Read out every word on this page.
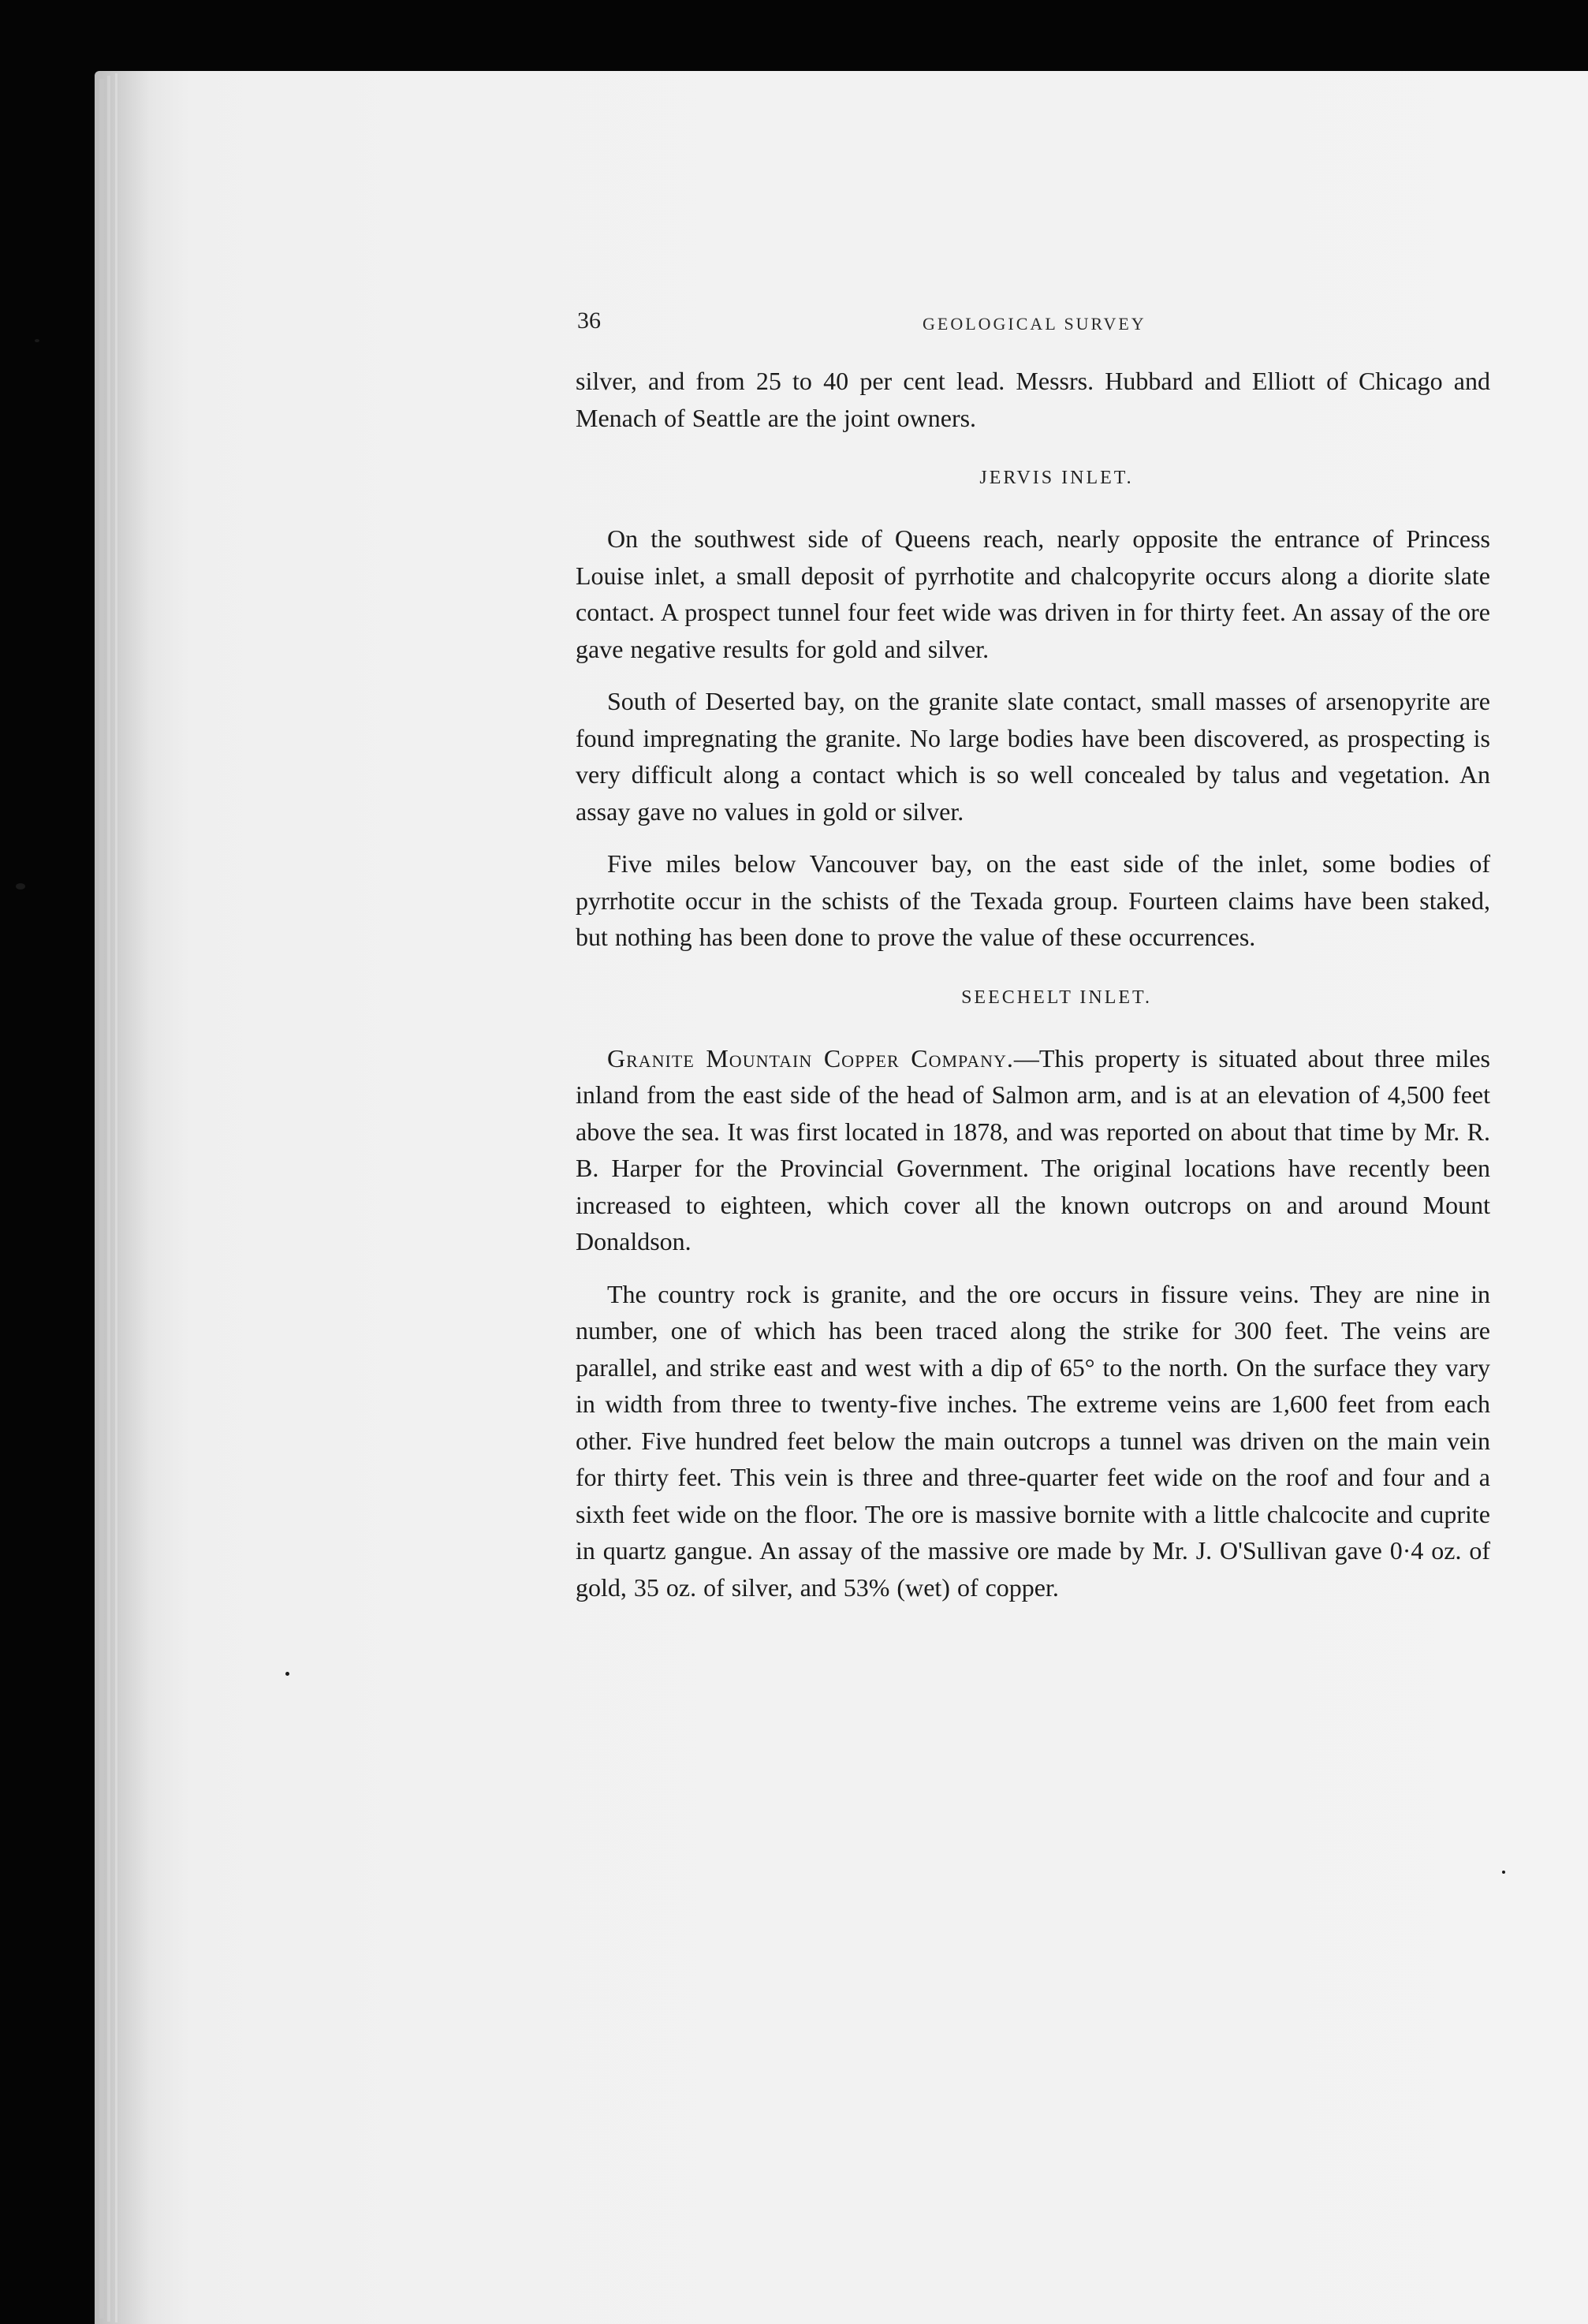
36	GEOLOGICAL SURVEY

silver, and from 25 to 40 per cent lead. Messrs. Hubbard and Elliott of Chicago and Menach of Seattle are the joint owners.

JERVIS INLET.

On the southwest side of Queens reach, nearly opposite the entrance of Princess Louise inlet, a small deposit of pyrrhotite and chalcopyrite occurs along a diorite slate contact. A prospect tunnel four feet wide was driven in for thirty feet. An assay of the ore gave negative results for gold and silver.

South of Deserted bay, on the granite slate contact, small masses of arsenopyrite are found impregnating the granite. No large bodies have been discovered, as prospecting is very difficult along a contact which is so well concealed by talus and vegetation. An assay gave no values in gold or silver.

Five miles below Vancouver bay, on the east side of the inlet, some bodies of pyrrhotite occur in the schists of the Texada group. Fourteen claims have been staked, but nothing has been done to prove the value of these occurrences.

SEECHELT INLET.

Granite Mountain Copper Company.—This property is situated about three miles inland from the east side of the head of Salmon arm, and is at an elevation of 4,500 feet above the sea. It was first located in 1878, and was reported on about that time by Mr. R. B. Harper for the Provincial Government. The original locations have recently been increased to eighteen, which cover all the known outcrops on and around Mount Donaldson.

The country rock is granite, and the ore occurs in fissure veins. They are nine in number, one of which has been traced along the strike for 300 feet. The veins are parallel, and strike east and west with a dip of 65° to the north. On the surface they vary in width from three to twenty-five inches. The extreme veins are 1,600 feet from each other. Five hundred feet below the main outcrops a tunnel was driven on the main vein for thirty feet. This vein is three and three-quarter feet wide on the roof and four and a sixth feet wide on the floor. The ore is massive bornite with a little chalcocite and cuprite in quartz gangue. An assay of the massive ore made by Mr. J. O'Sullivan gave 0·4 oz. of gold, 35 oz. of silver, and 53% (wet) of copper.
